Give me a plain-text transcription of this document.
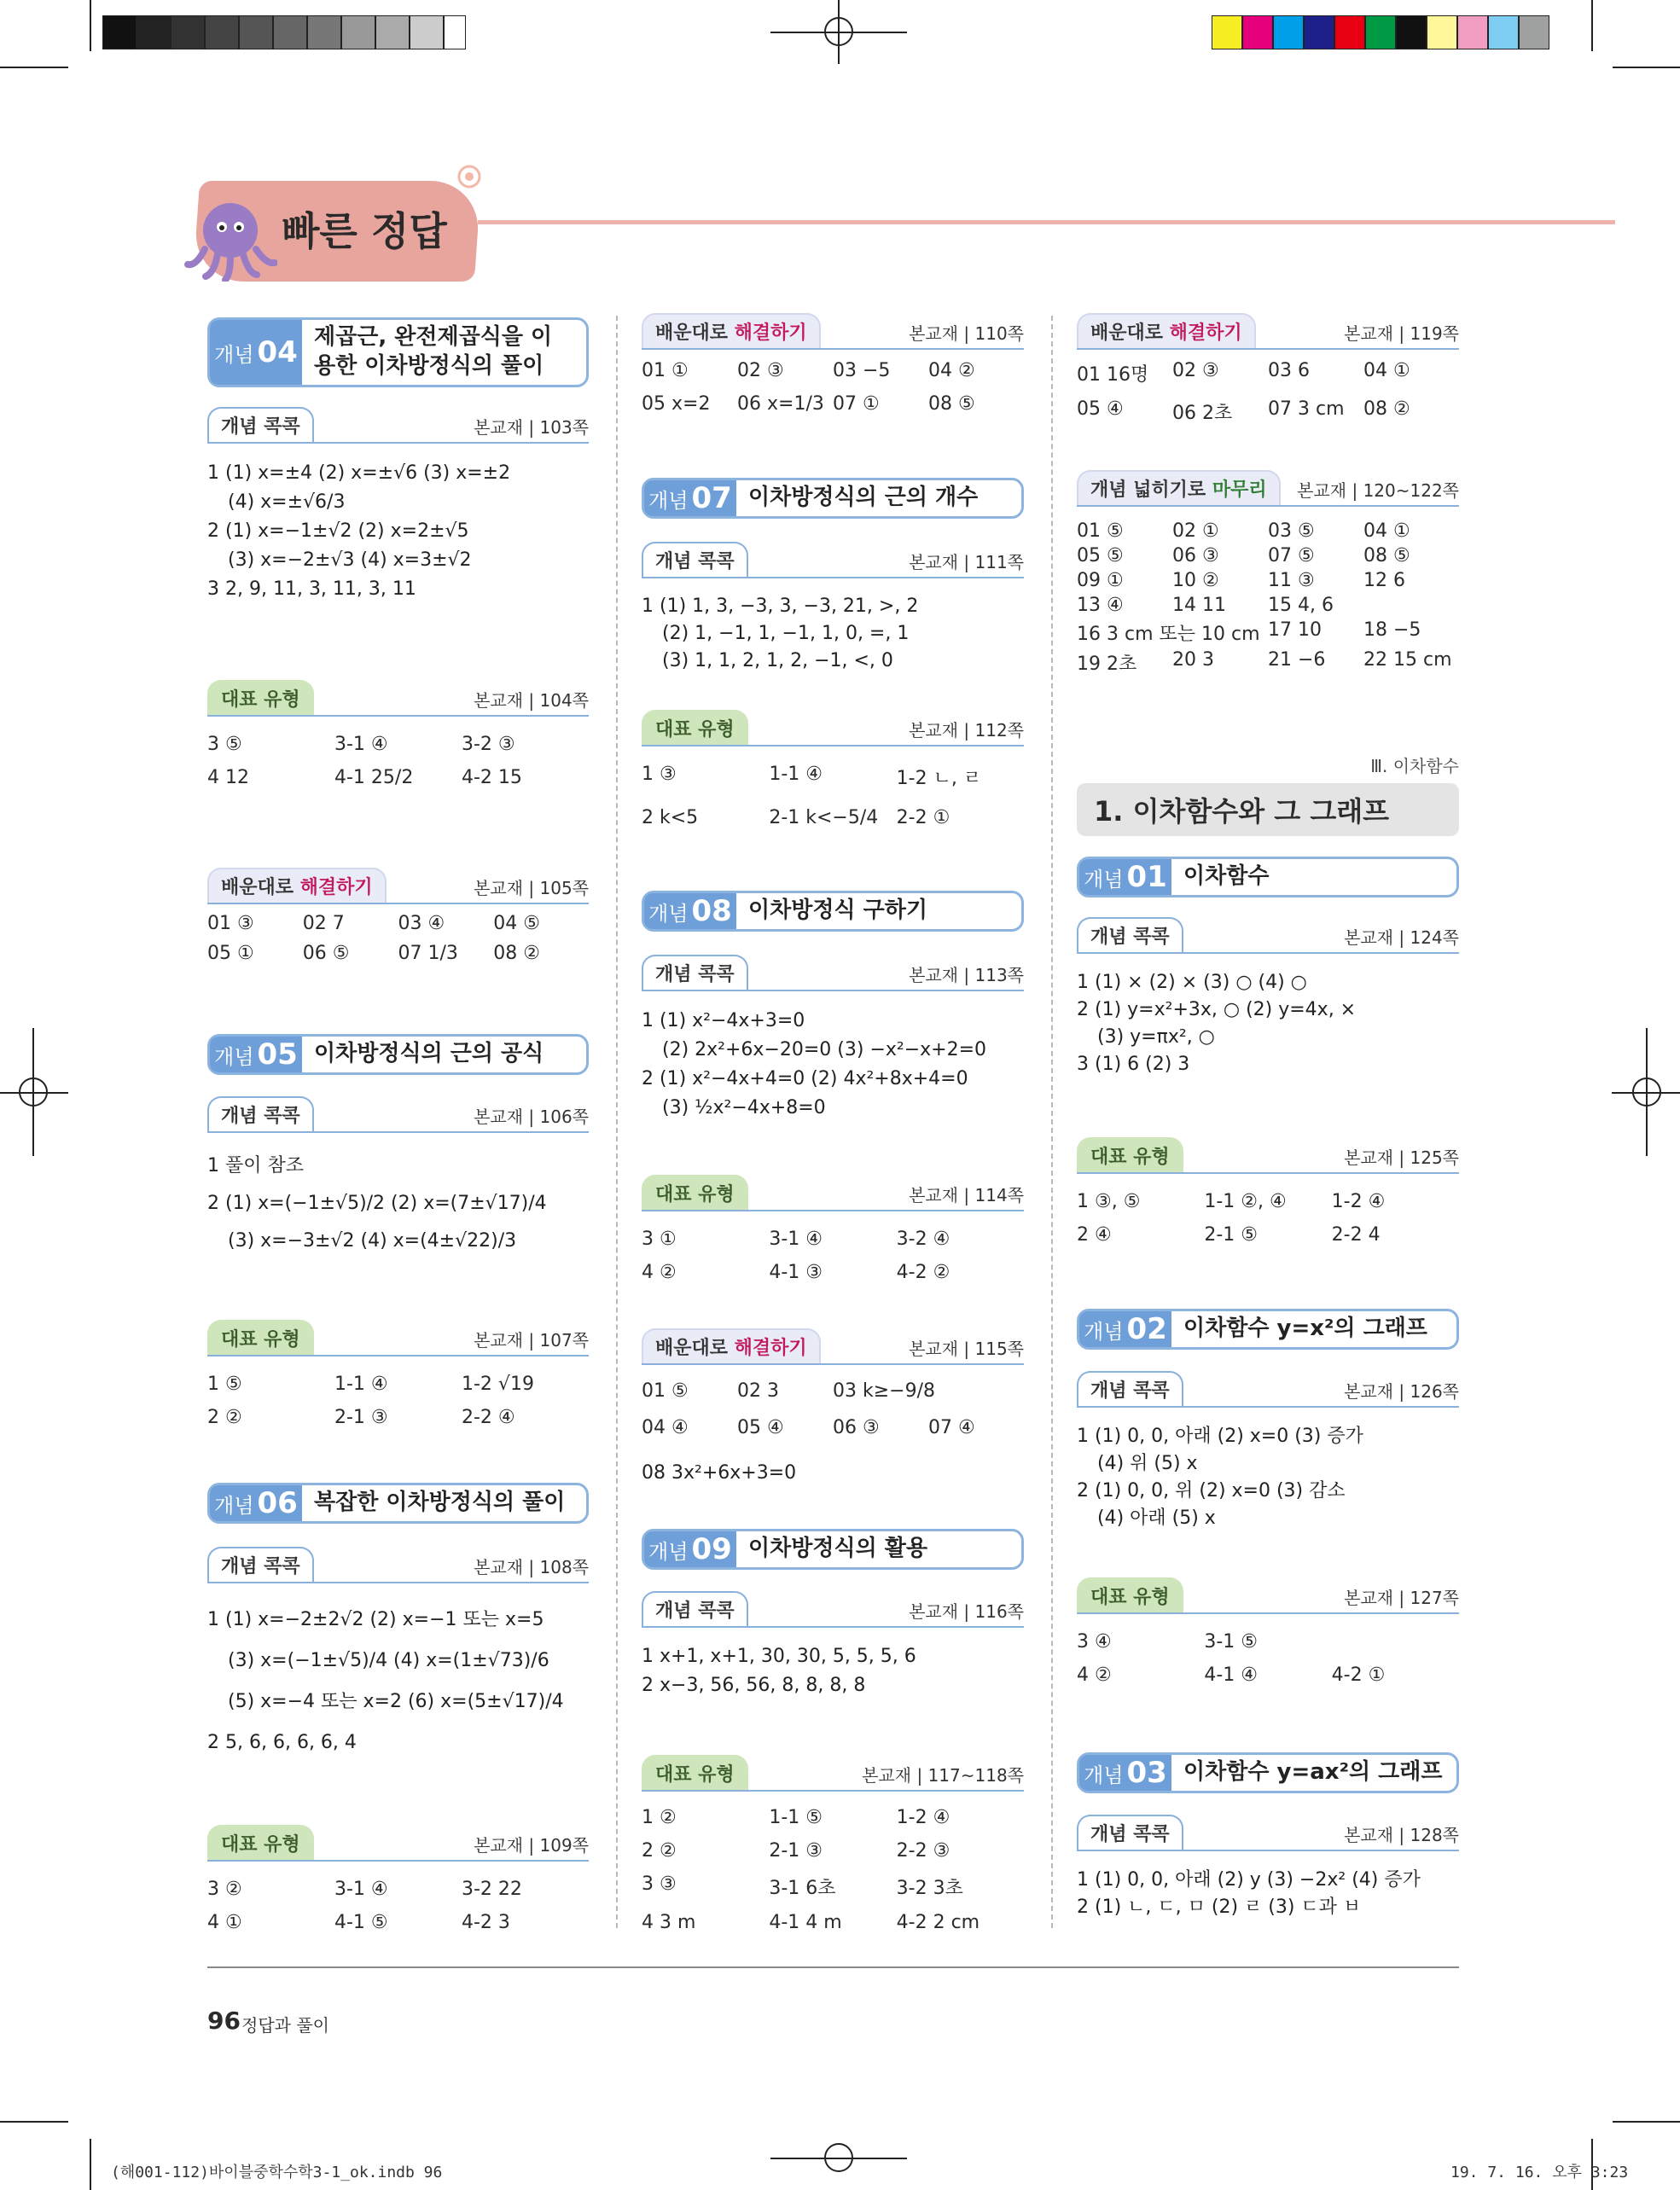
빠른 정답
개념 04 제곱근, 완전제곱식을 이용한 이차방정식의 풀이
개념 콕콕	본교재 | 103쪽
1 (1) x=±4 (2) x=±√6 (3) x=±2
(4) x=±√6/3
2 (1) x=−1±√2 (2) x=2±√5
(3) x=−2±√3 (4) x=3±√2
3 2, 9, 11, 3, 11, 3, 11
대표 유형	본교재 | 104쪽
3 ⑤	3-1 ④	3-2 ③
4 12	4-1 25/2	4-2 15
배운대로 해결하기	본교재 | 105쪽
01 ③	02 7	03 ④	04 ⑤
05 ①	06 ⑤	07 1/3	08 ②
개념 05 이차방정식의 근의 공식
개념 콕콕	본교재 | 106쪽
1 풀이 참조
2 (1) x=(−1±√5)/2 (2) x=(7±√17)/4
(3) x=−3±√2 (4) x=(4±√22)/3
대표 유형	본교재 | 107쪽
1 ⑤	1-1 ④	1-2 √19
2 ②	2-1 ③	2-2 ④
개념 06 복잡한 이차방정식의 풀이
개념 콕콕	본교재 | 108쪽
1 (1) x=−2±2√2 (2) x=−1 또는 x=5
(3) x=(−1±√5)/4 (4) x=(1±√73)/6
(5) x=−4 또는 x=2 (6) x=(5±√17)/4
2 5, 6, 6, 6, 6, 4
대표 유형	본교재 | 109쪽
3 ②	3-1 ④	3-2 22
4 ①	4-1 ⑤	4-2 3
배운대로 해결하기	본교재 | 110쪽
01 ①	02 ③	03 −5	04 ②
05 x=2	06 x=1/3 07 ①	08 ⑤
개념 07 이차방정식의 근의 개수
개념 콕콕	본교재 | 111쪽
1 (1) 1, 3, −3, 3, −3, 21, >, 2
(2) 1, −1, 1, −1, 1, 0, =, 1
(3) 1, 1, 2, 1, 2, −1, <, 0
대표 유형	본교재 | 112쪽
1 ③	1-1 ④	1-2 ㄴ, ㄹ
2 k<5	2-1 k<−5/4 2-2 ①
개념 08 이차방정식 구하기
개념 콕콕	본교재 | 113쪽
1 (1) x²−4x+3=0
(2) 2x²+6x−20=0 (3) −x²−x+2=0
2 (1) x²−4x+4=0 (2) 4x²+8x+4=0
(3) ½x²−4x+8=0
대표 유형	본교재 | 114쪽
3 ①	3-1 ④	3-2 ④
4 ②	4-1 ③	4-2 ②
배운대로 해결하기	본교재 | 115쪽
01 ⑤	02 3	03 k≥−9/8
04 ④	05 ④	06 ③	07 ④
08 3x²+6x+3=0
개념 09 이차방정식의 활용
개념 콕콕	본교재 | 116쪽
1 x+1, x+1, 30, 30, 5, 5, 5, 6
2 x−3, 56, 56, 8, 8, 8, 8
대표 유형	본교재 | 117~118쪽
1 ②	1-1 ⑤	1-2 ④
2 ②	2-1 ③	2-2 ③
3 ③	3-1 6초	3-2 3초
4 3 m	4-1 4 m	4-2 2 cm
배운대로 해결하기	본교재 | 119쪽
01 16명	02 ③	03 6	04 ①
05 ④	06 2초	07 3 cm	08 ②
개념 넓히기로 마무리	본교재 | 120~122쪽
01 ⑤	02 ①	03 ⑤	04 ①
05 ⑤	06 ③	07 ⑤	08 ⑤
09 ①	10 ②	11 ③	12 6
13 ④	14 11	15 4, 6
16 3 cm 또는 10 cm 17 10	18 −5
19 2초	20 3	21 −6	22 15 cm
Ⅲ. 이차함수
1. 이차함수와 그 그래프
개념 01 이차함수
개념 콕콕	본교재 | 124쪽
1 (1) × (2) × (3) ○ (4) ○
2 (1) y=x²+3x, ○ (2) y=4x, ×
(3) y=πx², ○
3 (1) 6 (2) 3
대표 유형	본교재 | 125쪽
1 ③, ⑤	1-1 ②, ④	1-2 ④
2 ④	2-1 ⑤	2-2 4
개념 02 이차함수 y=x²의 그래프
개념 콕콕	본교재 | 126쪽
1 (1) 0, 0, 아래 (2) x=0 (3) 증가
(4) 위 (5) x
2 (1) 0, 0, 위 (2) x=0 (3) 감소
(4) 아래 (5) x
대표 유형	본교재 | 127쪽
3 ④	3-1 ⑤
4 ②	4-1 ④	4-2 ①
개념 03 이차함수 y=ax²의 그래프
개념 콕콕	본교재 | 128쪽
1 (1) 0, 0, 아래 (2) y (3) −2x² (4) 증가
2 (1) ㄴ, ㄷ, ㅁ (2) ㄹ (3) ㄷ과 ㅂ
96 정답과 풀이
(해001-112)바이블중학수학3-1_ok.indb 96	19. 7. 16. 오후 3:23
